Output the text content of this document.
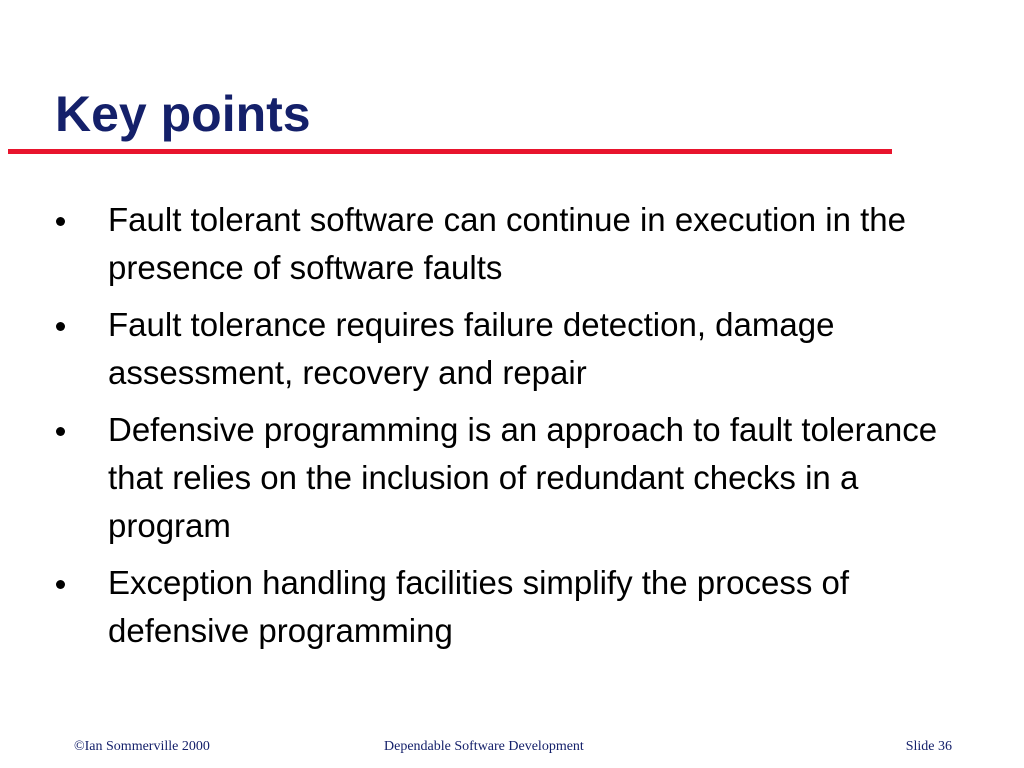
Key points
Fault tolerant software can continue in execution in the presence of software faults
Fault tolerance requires failure detection, damage assessment, recovery and repair
Defensive programming is an approach to fault tolerance that relies on the inclusion of redundant checks in a program
Exception handling facilities simplify the process of defensive programming
©Ian Sommerville 2000	Dependable Software Development	Slide 36
